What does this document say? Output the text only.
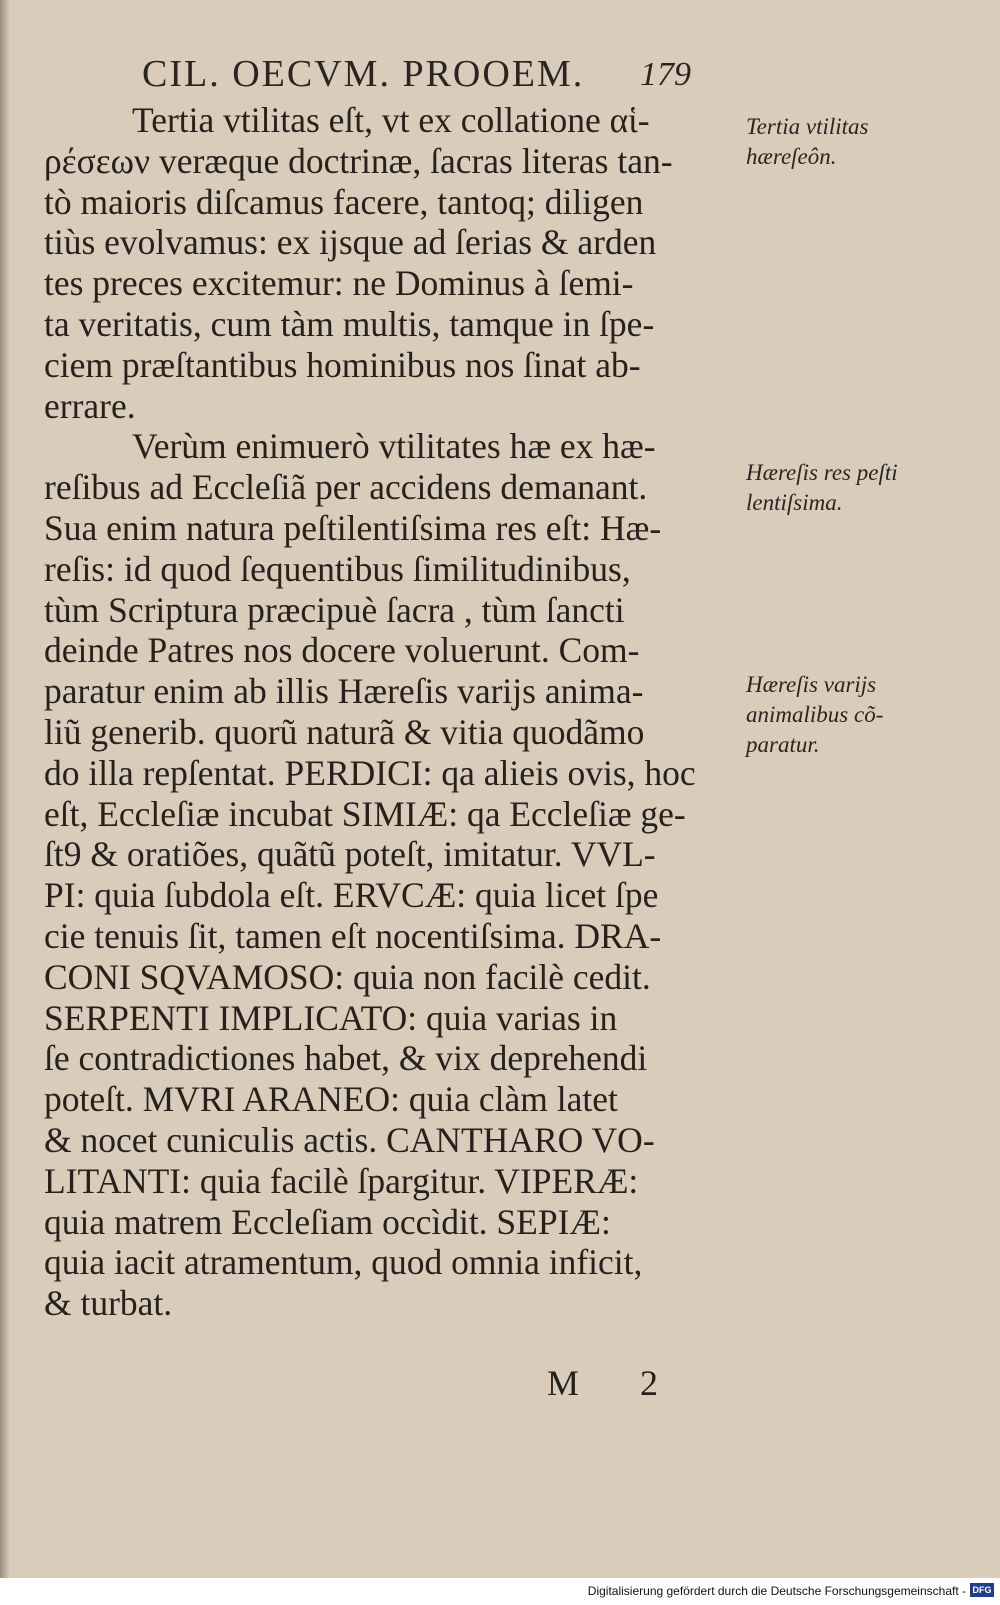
CIL. OECVM. PROOEM.	179

Tertia vtilitas eſt, vt ex collatione αἱ-
ρέσεων veræque doctrinæ, ſacras literas tan-
tò maioris diſcamus facere, tantoq; diligen
tiùs evolvamus: ex ijsque ad ſerias & arden
tes preces excitemur: ne Dominus à ſemi-
ta veritatis, cum tàm multis, tamque in ſpe-
ciem præſtantibus hominibus nos ſinat ab-
errare.

Verùm enimuerò vtilitates hæ ex hæ-
reſibus ad Eccleſiã per accidens demanant.
Sua enim natura peſtilentiſsima res eſt: Hæ-
reſis: id quod ſequentibus ſimilitudinibus,
tùm Scriptura præcipuè ſacra , tùm ſancti
deinde Patres nos docere voluerunt. Com-
paratur enim ab illis Hæreſis varijs anima-
liũ generib. quorũ naturã & vitia quodãmo
do illa repſentat. PERDICI: qa alieis ovis, hoc
eſt, Eccleſiæ incubat SIMIÆ: qa Eccleſiæ ge-
ſt9 & oratiões, quãtũ poteſt, imitatur. VVL-
PI: quia ſubdola eſt. ERVCÆ: quia licet ſpe
cie tenuis ſit, tamen eſt nocentiſsima. DRA-
CONI SQVAMOSO: quia non facilè cedit.
SERPENTI IMPLICATO: quia varias in
ſe contradictiones habet, & vix deprehendi
poteſt. MVRI ARANEO: quia clàm latet
& nocet cuniculis actis. CANTHARO VO-
LITANTI: quia facilè ſpargitur. VIPERÆ:
quia matrem Eccleſiam occìdit. SEPIÆ:
quia iacit atramentum, quod omnia inficit,
& turbat.

Tertia vtilitas
hæreſeôn.
Hæreſis res peſti
lentiſsima.
Hæreſis varijs
animalibus cõ-
paratur.
M 2
Digitalisierung gefördert durch die Deutsche Forschungsgemeinschaft - DFG
